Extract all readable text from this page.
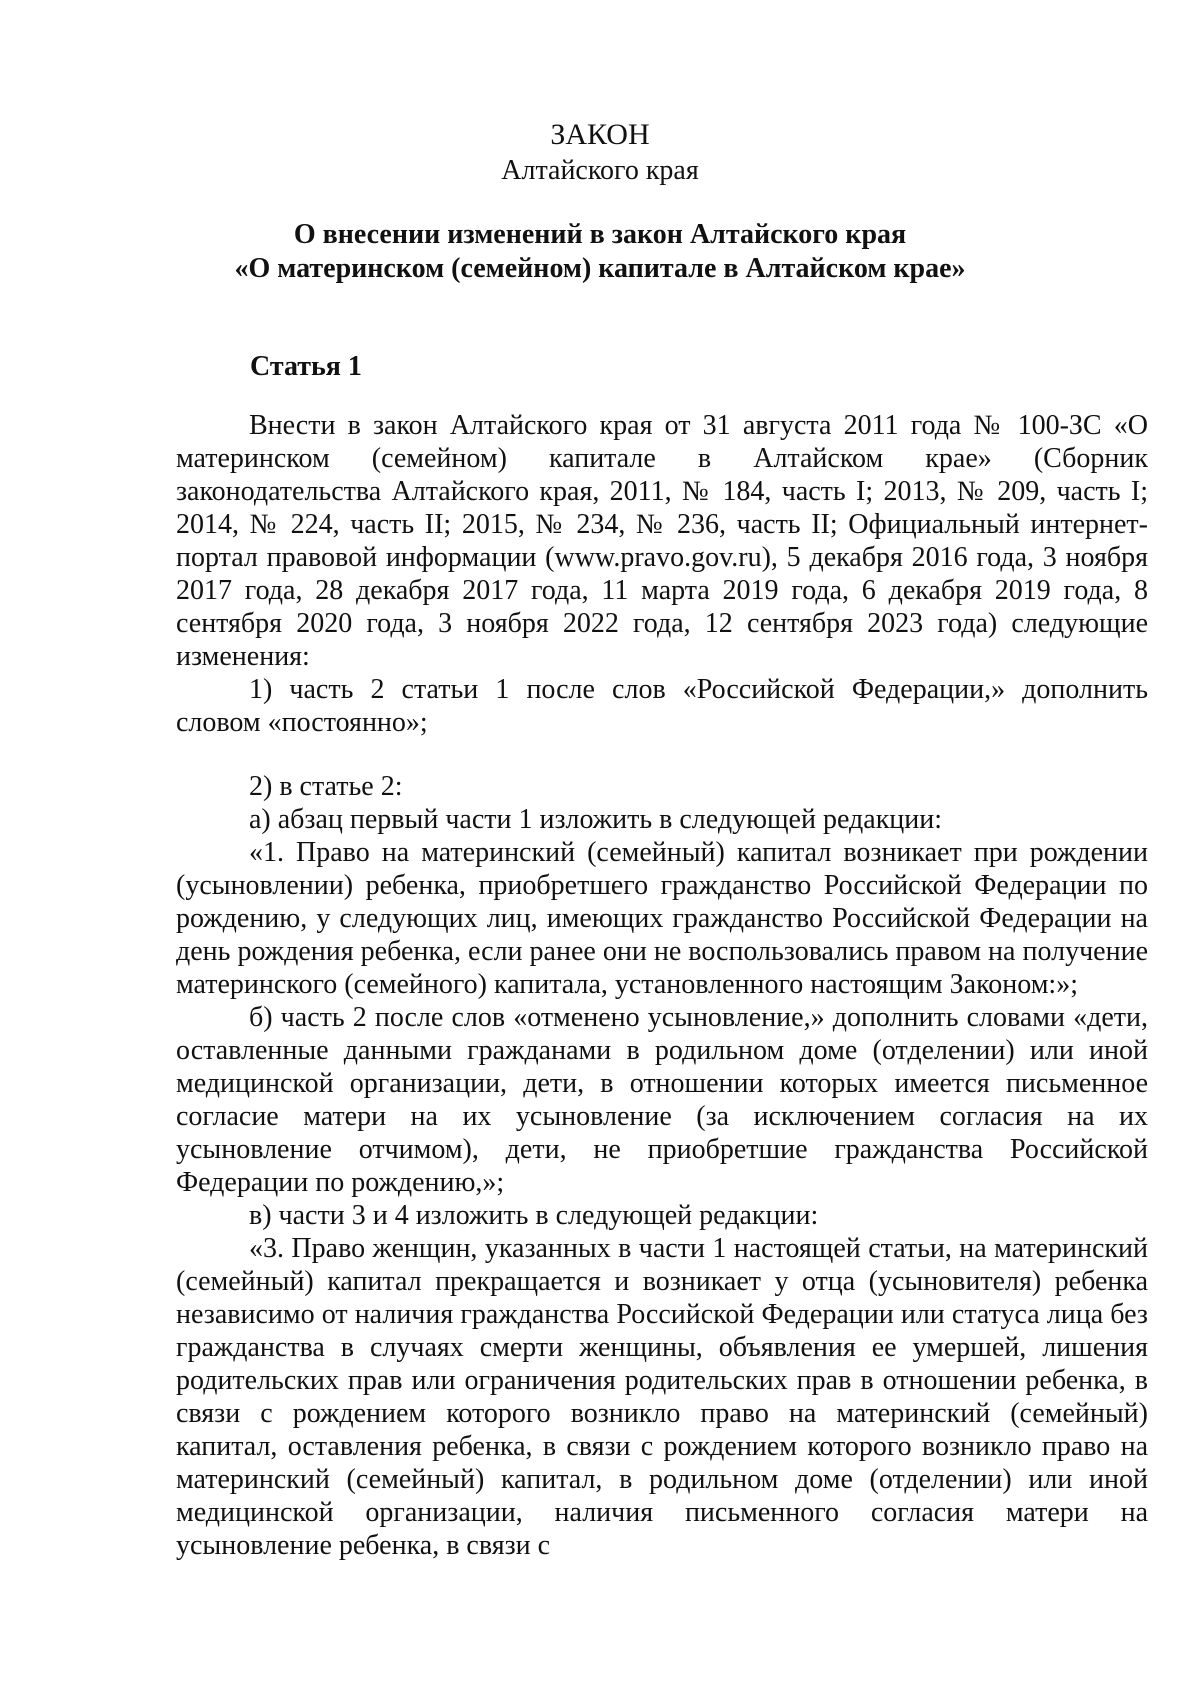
ЗАКОН
Алтайского края
О внесении изменений в закон Алтайского края
«О материнском (семейном) капитале в Алтайском крае»
Статья 1

Внести в закон Алтайского края от 31 августа 2011 года № 100-ЗС «О материнском (семейном) капитале в Алтайском крае» (Сборник законодательства Алтайского края, 2011, № 184, часть I; 2013, № 209, часть I; 2014, № 224, часть II; 2015, № 234, № 236, часть II; Официальный интернет-портал правовой информации (www.pravo.gov.ru), 5 декабря 2016 года, 3 ноября 2017 года, 28 декабря 2017 года, 11 марта 2019 года, 6 декабря 2019 года, 8 сентября 2020 года, 3 ноября 2022 года, 12 сентября 2023 года) следующие изменения:

1) часть 2 статьи 1 после слов «Российской Федерации,» дополнить словом «постоянно»;

2) в статье 2:

а) абзац первый части 1 изложить в следующей редакции:

«1. Право на материнский (семейный) капитал возникает при рождении (усыновлении) ребенка, приобретшего гражданство Российской Федерации по рождению, у следующих лиц, имеющих гражданство Российской Федерации на день рождения ребенка, если ранее они не воспользовались правом на получение материнского (семейного) капитала, установленного настоящим Законом:»;

б) часть 2 после слов «отменено усыновление,» дополнить словами «дети, оставленные данными гражданами в родильном доме (отделении) или иной медицинской организации, дети, в отношении которых имеется письменное согласие матери на их усыновление (за исключением согласия на их усыновление отчимом), дети, не приобретшие гражданства Российской Федерации по рождению,»;

в) части 3 и 4 изложить в следующей редакции:

«3. Право женщин, указанных в части 1 настоящей статьи, на материнский (семейный) капитал прекращается и возникает у отца (усыновителя) ребенка независимо от наличия гражданства Российской Федерации или статуса лица без гражданства в случаях смерти женщины, объявления ее умершей, лишения родительских прав или ограничения родительских прав в отношении ребенка, в связи с рождением которого возникло право на материнский (семейный) капитал, оставления ребенка, в связи с рождением которого возникло право на материнский (семейный) капитал, в родильном доме (отделении) или иной медицинской организации, наличия письменного согласия матери на усыновление ребенка, в связи с
